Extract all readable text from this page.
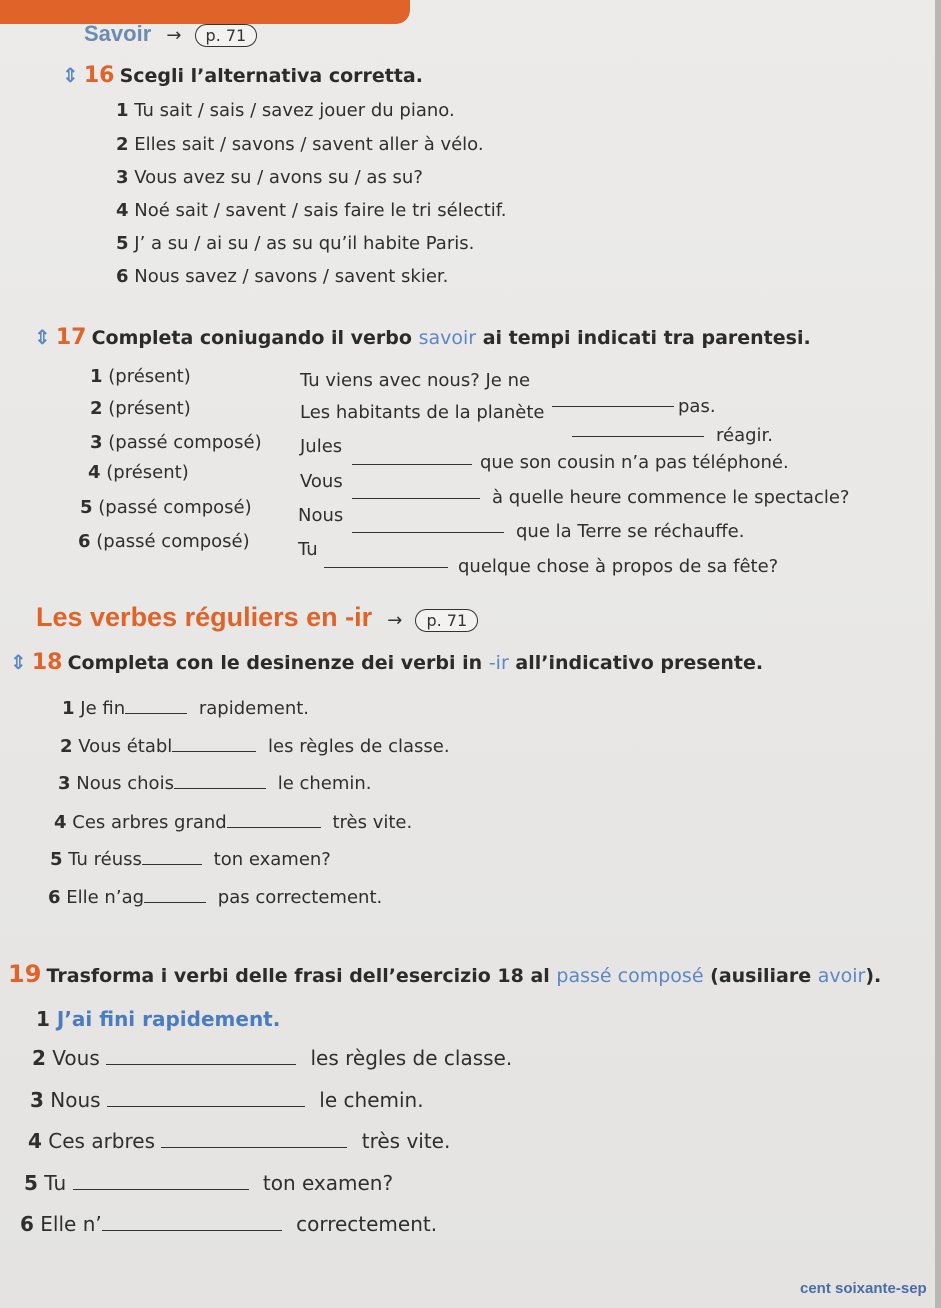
Savoir → p. 71
⇕ 16 Scegli l’alternativa corretta.
1 Tu sait / sais / savez jouer du piano.
2 Elles sait / savons / savent aller à vélo.
3 Vous avez su / avons su / as su?
4 Noé sait / savent / sais faire le tri sélectif.
5 J’ a su / ai su / as su qu’il habite Paris.
6 Nous savez / savons / savent skier.
⇕ 17 Completa coniugando il verbo savoir ai tempi indicati tra parentesi.
1 (présent)	Tu viens avec nous? Je ne
pas.
2 (présent)	Les habitants de la planète
réagir.
3 (passé composé) Jules
que son cousin n’a pas téléphoné.
4 (présent)	Vous
à quelle heure commence le spectacle?
5 (passé composé)	Nous
que la Terre se réchauffe.
6 (passé composé)	Tu
quelque chose à propos de sa fête?
Les verbes réguliers en -ir → p. 71
⇕ 18 Completa con le desinenze dei verbi in -ir all’indicativo presente.
1 Je fin	rapidement.
2 Vous établ	les règles de classe.
3 Nous chois	le chemin.
4 Ces arbres grand	très vite.
5 Tu réuss	ton examen?
6 Elle n’ag	pas correctement.
19 Trasforma i verbi delle frasi dell’esercizio 18 al passé composé (ausiliare avoir).
1 J’ai fini rapidement.
2 Vous	les règles de classe.
3 Nous	le chemin.
4 Ces arbres	très vite.
5 Tu	ton examen?
6 Elle n’	correctement.
cent soixante-sep
